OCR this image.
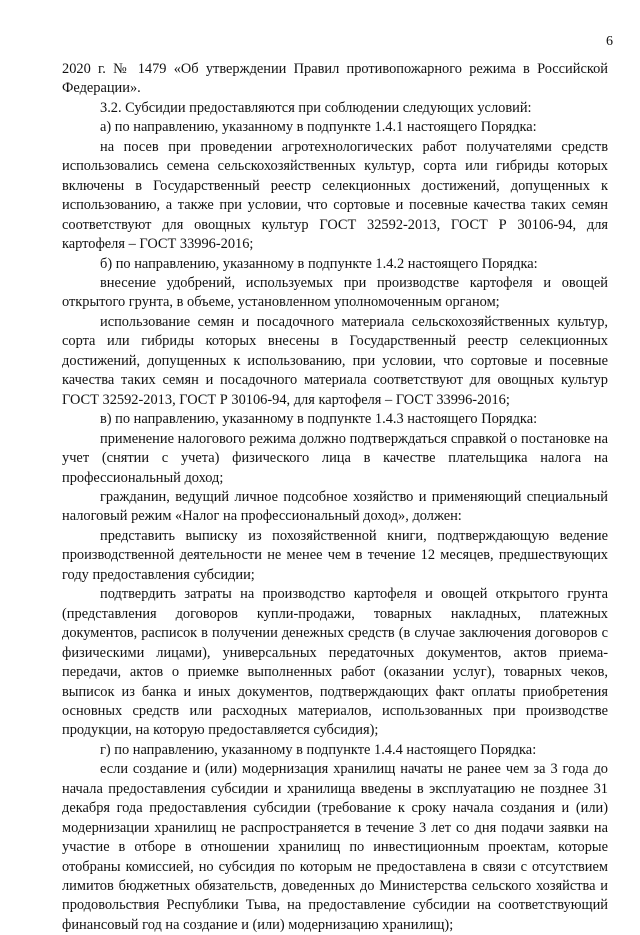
6

2020 г. № 1479 «Об утверждении Правил противопожарного режима в Российской Федерации».

3.2. Субсидии предоставляются при соблюдении следующих условий:

а) по направлению, указанному в подпункте 1.4.1 настоящего Порядка:

на посев при проведении агротехнологических работ получателями средств использовались семена сельскохозяйственных культур, сорта или гибриды которых включены в Государственный реестр селекционных достижений, допущенных к использованию, а также при условии, что сортовые и посевные качества таких семян соответствуют для овощных культур ГОСТ 32592-2013, ГОСТ Р 30106-94, для картофеля – ГОСТ 33996-2016;

б) по направлению, указанному в подпункте 1.4.2 настоящего Порядка:

внесение удобрений, используемых при производстве картофеля и овощей открытого грунта, в объеме, установленном уполномоченным органом;

использование семян и посадочного материала сельскохозяйственных культур, сорта или гибриды которых внесены в Государственный реестр селекционных достижений, допущенных к использованию, при условии, что сортовые и посевные качества таких семян и посадочного материала соответствуют для овощных культур ГОСТ 32592-2013, ГОСТ Р 30106-94, для картофеля – ГОСТ 33996-2016;

в) по направлению, указанному в подпункте 1.4.3 настоящего Порядка:

применение налогового режима должно подтверждаться справкой о постановке на учет (снятии с учета) физического лица в качестве плательщика налога на профессиональный доход;

гражданин, ведущий личное подсобное хозяйство и применяющий специальный налоговый режим «Налог на профессиональный доход», должен:

представить выписку из похозяйственной книги, подтверждающую ведение производственной деятельности не менее чем в течение 12 месяцев, предшествующих году предоставления субсидии;

подтвердить затраты на производство картофеля и овощей открытого грунта (представления договоров купли-продажи, товарных накладных, платежных документов, расписок в получении денежных средств (в случае заключения договоров с физическими лицами), универсальных передаточных документов, актов приема-передачи, актов о приемке выполненных работ (оказании услуг), товарных чеков, выписок из банка и иных документов, подтверждающих факт оплаты приобретения основных средств или расходных материалов, использованных при производстве продукции, на которую предоставляется субсидия);

г) по направлению, указанному в подпункте 1.4.4 настоящего Порядка:

если создание и (или) модернизация хранилищ начаты не ранее чем за 3 года до начала предоставления субсидии и хранилища введены в эксплуатацию не позднее 31 декабря года предоставления субсидии (требование к сроку начала создания и (или) модернизации хранилищ не распространяется в течение 3 лет со дня подачи заявки на участие в отборе в отношении хранилищ по инвестиционным проектам, которые отобраны комиссией, но субсидия по которым не предоставлена в связи с отсутствием лимитов бюджетных обязательств, доведенных до Министерства сельского хозяйства и продовольствия Республики Тыва, на предоставление субсидии на соответствующий финансовый год на создание и (или) модернизацию хранилищ);
